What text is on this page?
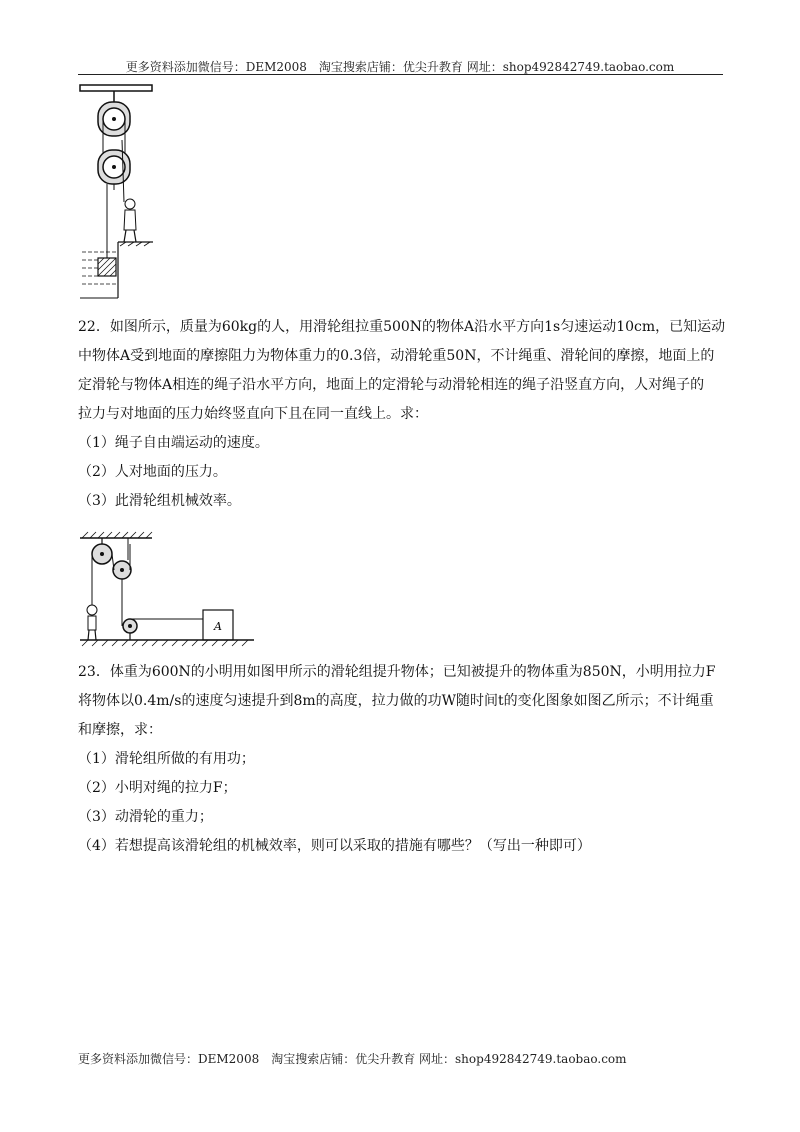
更多资料添加微信号：DEM2008　淘宝搜索店铺：优尖升教育 网址：shop492842749.taobao.com

22．如图所示，质量为60kg的人，用滑轮组拉重500N的物体A沿水平方向1s匀速运动10cm，已知运动

中物体A受到地面的摩擦阻力为物体重力的0.3倍，动滑轮重50N，不计绳重、滑轮间的摩擦，地面上的

定滑轮与物体A相连的绳子沿水平方向，地面上的定滑轮与动滑轮相连的绳子沿竖直方向，人对绳子的

拉力与对地面的压力始终竖直向下且在同一直线上。求：

（1）绳子自由端运动的速度。

（2）人对地面的压力。

（3）此滑轮组机械效率。

A

23．体重为600N的小明用如图甲所示的滑轮组提升物体；已知被提升的物体重为850N，小明用拉力F

将物体以0.4m/s的速度匀速提升到8m的高度，拉力做的功W随时间t的变化图象如图乙所示；不计绳重

和摩擦，求：

（1）滑轮组所做的有用功；

（2）小明对绳的拉力F；

（3）动滑轮的重力；

（4）若想提高该滑轮组的机械效率，则可以采取的措施有哪些？（写出一种即可）

更多资料添加微信号：DEM2008　淘宝搜索店铺：优尖升教育 网址：shop492842749.taobao.com
